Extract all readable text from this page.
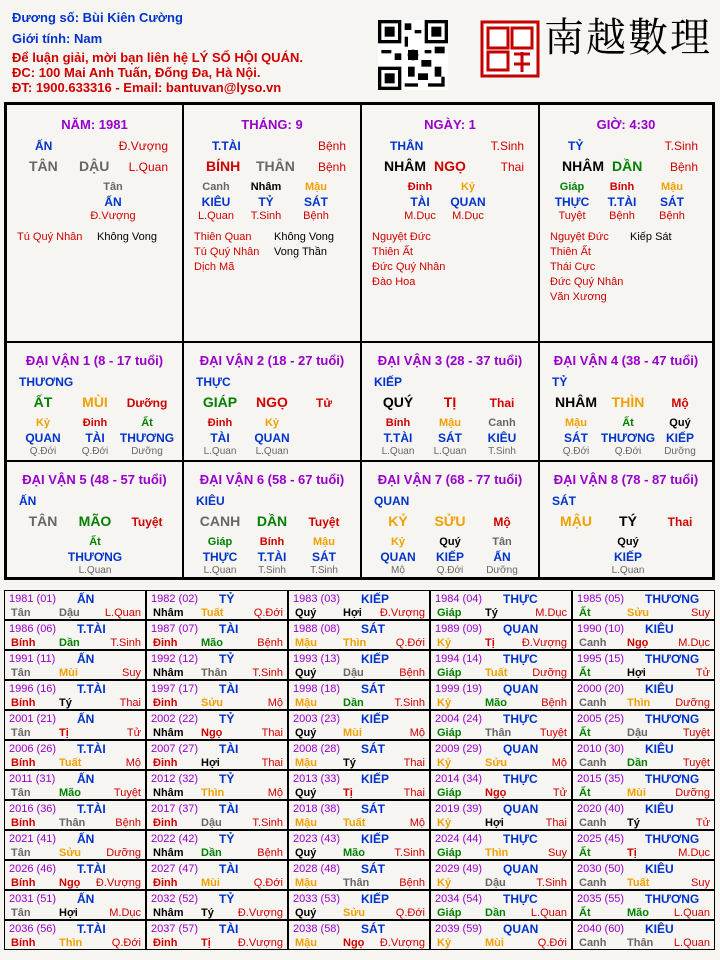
Đương số: Bùi Kiên Cường
Giới tính: Nam
Để luận giải, mời bạn liên hệ LÝ SỐ HỘI QUÁN.
ĐC: 100 Mai Anh Tuấn, Đống Đa, Hà Nội.
ĐT: 1900.633316 - Email: bantuvan@lyso.vn
南越數理
NĂM: 1981
ẤN	Đ.Vượng
TÂN DẬU L.Quan
Tân
ẤN
Đ.Vượng
Tú Quý Nhân Không Vong
THÁNG: 9
T.TÀI	Bệnh
BÍNH THÂN Bệnh
Canh
KIÊU
L.Quan
Nhâm
TỶ
T.Sinh
Mậu
SÁT
Bệnh
Thiên Quan
Tú Quý Nhân
Dịch Mã
Không Vong
Vong Thần
NGÀY: 1
THÂN	T.Sinh
NHÂM NGỌ	Thai
Đinh
TÀI
M.Dục
Kỷ
QUAN
M.Dục
Nguyệt Đức
Thiên Ất
Đức Quý Nhân
Đào Hoa
GIỜ: 4:30
TỶ	T.Sinh
NHÂM DẦN Bệnh
Giáp
THỰC
Tuyệt
Bính
T.TÀI
Bệnh
Mậu
SÁT
Bệnh
Nguyệt Đức
Thiên Ất
Thái Cực
Đức Quý Nhân
Văn Xương
Kiếp Sát
ĐẠI VẬN 1 (8 - 17 tuổi)
THƯƠNG
ẤT MÙI Dưỡng
Kỷ
QUAN
Q.Đới
Đinh
TÀI
Q.Đới
Ất
THƯƠNG
Dưỡng
ĐẠI VẬN 2 (18 - 27 tuổi)
THỰC
GIÁP NGỌ Tử
Đinh
TÀI
L.Quan
Kỷ
QUAN
L.Quan
ĐẠI VẬN 3 (28 - 37 tuổi)
KIẾP
QUÝ TỊ	Thai
Bính
T.TÀI
L.Quan
Mậu
SÁT
L.Quan
Canh
KIÊU
T.Sinh
ĐẠI VẬN 4 (38 - 47 tuổi)
TỶ
NHÂM THÌN Mộ
Mậu
SÁT
Q.Đới
Ất
THƯƠNG
Q.Đới
Quý
KIẾP
Dưỡng
ĐẠI VẬN 5 (48 - 57 tuổi)
ẤN
TÂN MÃO Tuyệt
Ất
THƯƠNG
L.Quan
ĐẠI VẬN 6 (58 - 67 tuổi)
KIÊU
CANH DẦN Tuyệt
Giáp
THỰC
L.Quan
Bính
T.TÀI
T.Sinh
Mậu
SÁT
T.Sinh
ĐẠI VẬN 7 (68 - 77 tuổi)
QUAN
KỶ SỬU Mộ
Kỷ
QUAN
Mộ
Quý
KIẾP
Q.Đới
Tân
ẤN
Dưỡng
ĐẠI VẬN 8 (78 - 87 tuổi)
SÁT
MẬU TÝ	Thai
Quý
KIẾP
L.Quan
1981 (01) ẤN
Tân	Dậu L.Quan
1982 (02) TỶ
Nhâm Tuất	Q.Đới
1983 (03) KIẾP
Quý Hợi Đ.Vượng
1984 (04) THỰC
Giáp Tý	M.Dục
1985 (05) THƯƠNG
Ất	Sửu	Suy
1986 (06) T.TÀI
Bính Dần	T.Sinh
1987 (07) TÀI
Đinh Mão	Bệnh
1988 (08) SÁT
Mậu Thìn	Q.Đới
1989 (09) QUAN
Kỷ	Tị Đ.Vượng
1990 (10) KIÊU
Canh Ngọ	M.Dục
1991 (11) ẤN
Tân	Mùi	Suy
1992 (12) TỶ
Nhâm Thân T.Sinh
1993 (13) KIẾP
Quý Dậu	Bệnh
1994 (14) THỰC
Giáp Tuất Dưỡng
1995 (15) THƯƠNG
Ất	Hợi	Tử
1996 (16) T.TÀI
Bính Tý	Thai
1997 (17) TÀI
Đinh Sửu	Mộ
1998 (18) SÁT
Mậu Dần	T.Sinh
1999 (19) QUAN
Kỷ	Mão	Bệnh
2000 (20) KIÊU
Canh Thìn Dưỡng
2001 (21) ẤN
Tân	Tị	Tử
2002 (22) TỶ
Nhâm Ngọ	Thai
2003 (23) KIẾP
Quý Mùi	Mộ
2004 (24) THỰC
Giáp Thân	Tuyệt
2005 (25) THƯƠNG
Ất	Dậu	Tuyệt
2006 (26) T.TÀI
Bính Tuất	Mộ
2007 (27) TÀI
Đinh Hợi	Thai
2008 (28) SÁT
Mậu Tý	Thai
2009 (29) QUAN
Kỷ	Sửu	Mộ
2010 (30) KIÊU
Canh Dần	Tuyệt
2011 (31) ẤN
Tân	Mão	Tuyệt
2012 (32) TỶ
Nhâm Thìn	Mộ
2013 (33) KIẾP
Quý Tị	Thai
2014 (34) THỰC
Giáp Ngọ	Tử
2015 (35) THƯƠNG
Ất	Mùi	Dưỡng
2016 (36) T.TÀI
Bính Thân	Bệnh
2017 (37) TÀI
Đinh Dậu	T.Sinh
2018 (38) SÁT
Mậu Tuất	Mộ
2019 (39) QUAN
Kỷ	Hợi	Thai
2020 (40) KIÊU
Canh Tý	Tử
2021 (41) ẤN
Tân	Sửu Dưỡng
2022 (42) TỶ
Nhâm Dần	Bệnh
2023 (43) KIẾP
Quý Mão	T.Sinh
2024 (44) THỰC
Giáp Thìn	Suy
2025 (45) THƯƠNG
Ất	Tị	M.Dục
2026 (46) T.TÀI
Bính Ngọ Đ.Vượng
2027 (47) TÀI
Đinh Mùi	Q.Đới
2028 (48) SÁT
Mậu Thân	Bệnh
2029 (49) QUAN
Kỷ	Dậu	T.Sinh
2030 (50) KIÊU
Canh Tuất	Suy
2031 (51) ẤN
Tân	Hợi	M.Dục
2032 (52) TỶ
Nhâm Tý Đ.Vượng
2033 (53) KIẾP
Quý Sửu	Q.Đới
2034 (54) THỰC
Giáp Dần L.Quan
2035 (55) THƯƠNG
Ất	Mão L.Quan
2036 (56) T.TÀI
Bính Thìn	Q.Đới
2037 (57) TÀI
Đinh Tị Đ.Vượng
2038 (58) SÁT
Mậu Ngọ Đ.Vượng
2039 (59) QUAN
Kỷ	Mùi	Q.Đới
2040 (60) KIÊU
Canh Thân L.Quan
